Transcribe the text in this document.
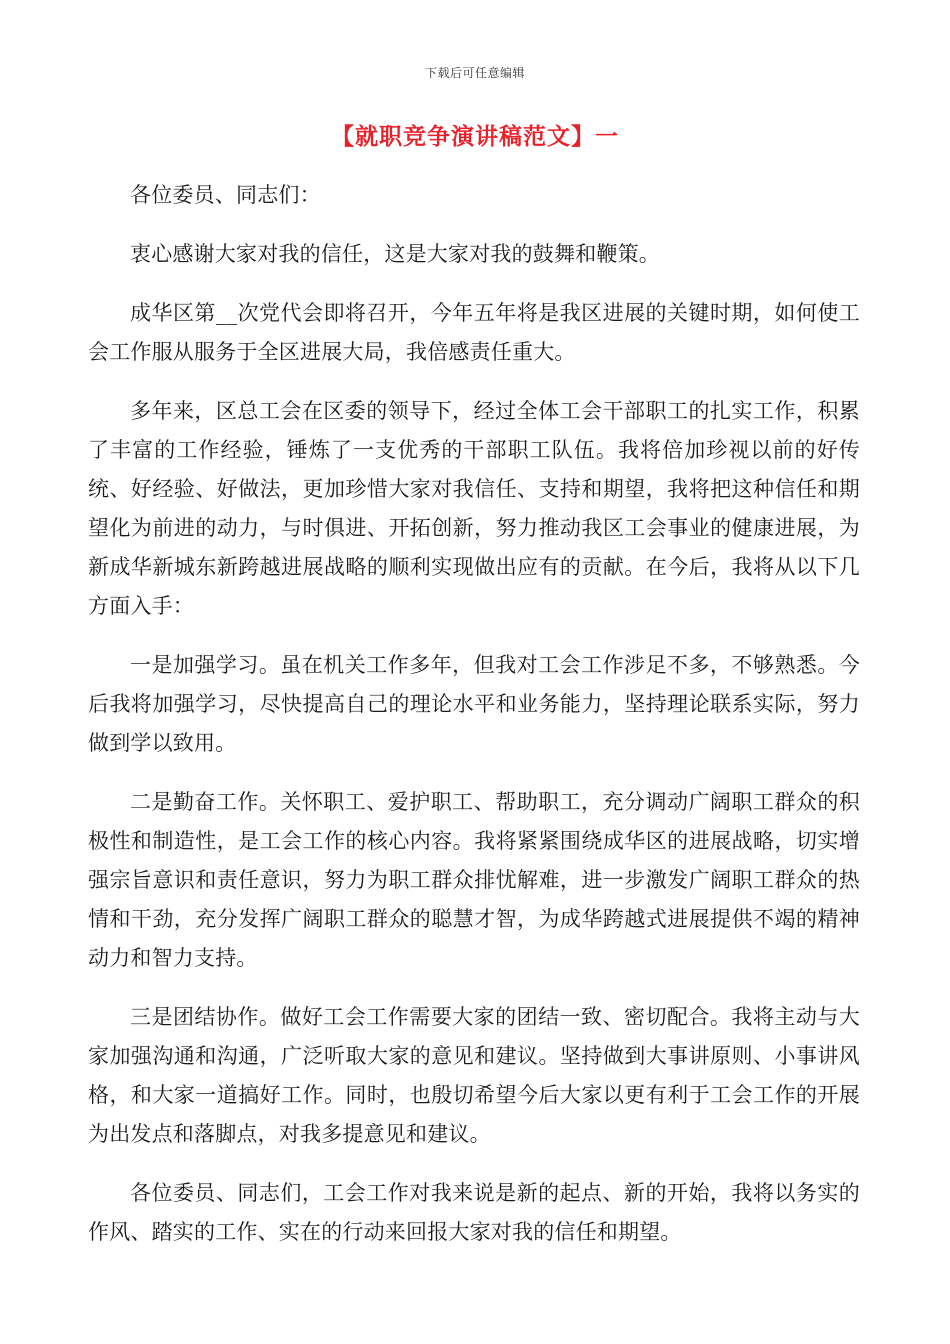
下载后可任意编辑
【就职竞争演讲稿范文】一

各位委员、同志们：

衷心感谢大家对我的信任，这是大家对我的鼓舞和鞭策。

成华区第__次党代会即将召开，今年五年将是我区进展的关键时期，如何使工会工作服从服务于全区进展大局，我倍感责任重大。

多年来，区总工会在区委的领导下，经过全体工会干部职工的扎实工作，积累了丰富的工作经验，锤炼了一支优秀的干部职工队伍。我将倍加珍视以前的好传统、好经验、好做法，更加珍惜大家对我信任、支持和期望，我将把这种信任和期望化为前进的动力，与时俱进、开拓创新，努力推动我区工会事业的健康进展，为新成华新城东新跨越进展战略的顺利实现做出应有的贡献。在今后，我将从以下几方面入手：

一是加强学习。虽在机关工作多年，但我对工会工作涉足不多，不够熟悉。今后我将加强学习，尽快提高自己的理论水平和业务能力，坚持理论联系实际，努力做到学以致用。

二是勤奋工作。关怀职工、爱护职工、帮助职工，充分调动广阔职工群众的积极性和制造性，是工会工作的核心内容。我将紧紧围绕成华区的进展战略，切实增强宗旨意识和责任意识，努力为职工群众排忧解难，进一步激发广阔职工群众的热情和干劲，充分发挥广阔职工群众的聪慧才智，为成华跨越式进展提供不竭的精神动力和智力支持。

三是团结协作。做好工会工作需要大家的团结一致、密切配合。我将主动与大家加强沟通和沟通，广泛听取大家的意见和建议。坚持做到大事讲原则、小事讲风格，和大家一道搞好工作。同时，也殷切希望今后大家以更有利于工会工作的开展为出发点和落脚点，对我多提意见和建议。

各位委员、同志们，工会工作对我来说是新的起点、新的开始，我将以务实的作风、踏实的工作、实在的行动来回报大家对我的信任和期望。
